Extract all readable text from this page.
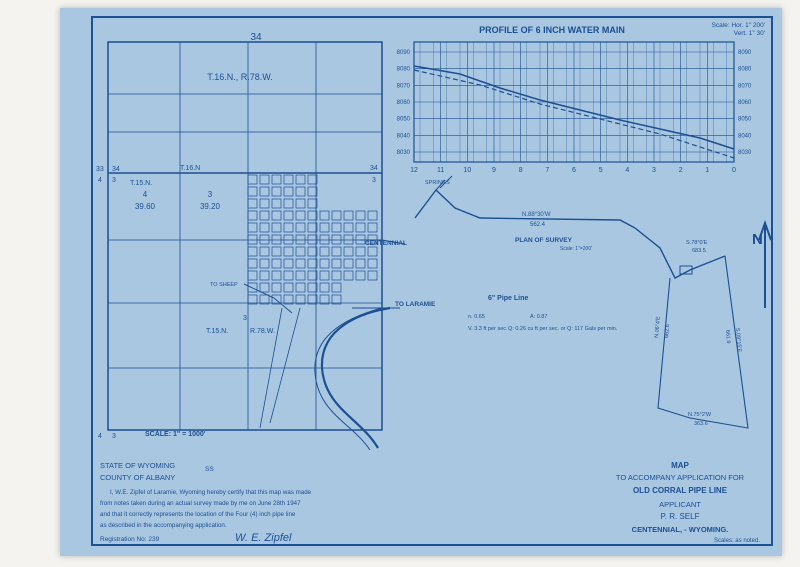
PROFILE OF 6 INCH WATER MAIN	Scale: Hor. 1" 200'
Vert. 1" 30'
8090	8090
8080	8080
8070	8070
8060	8060
8050	8050
8040	8040
8030	8030
12	11	10	9	8	7	6	5	4	3	2	1	0
34
T.16.N., R.78.W.
33 34
4 3
34
3
T.16.N
T.15.N.
4
39.60
3
39.20
3
T.15.N.	R.78.W.
4 3	SCALE: 1" = 1000'
CENTENNIAL
TO LARAMIE
TO SHEEP
SPRINGS
N.88°30'W
562.4
PLAN OF SURVEY
Scale: 1"=200'
S.78°0'E
683.5
S.09°15'E
661.9
N.75°2'W
363.6
N.06°4'E 662.6
6" Pipe Line
n. 0.65	A: 0.87
V. 3.3 ft per sec. Q: 0.26 cu ft per sec. or Q: 117 Gals per min.
N
STATE OF WYOMING	SS
COUNTY OF ALBANY
I, W.E. Zipfel of Laramie, Wyoming hereby certify that this map was made
from notes taken during an actual survey made by me on June 28th 1947
and that it correctly represents the location of the Four (4) inch pipe line
as described in the accompanying application.
Registration No: 239	W. E. Zipfel
MAP
TO ACCOMPANY APPLICATION FOR
OLD CORRAL PIPE LINE
APPLICANT
P. R. SELF
CENTENNIAL, - WYOMING.
Scales: as noted.
